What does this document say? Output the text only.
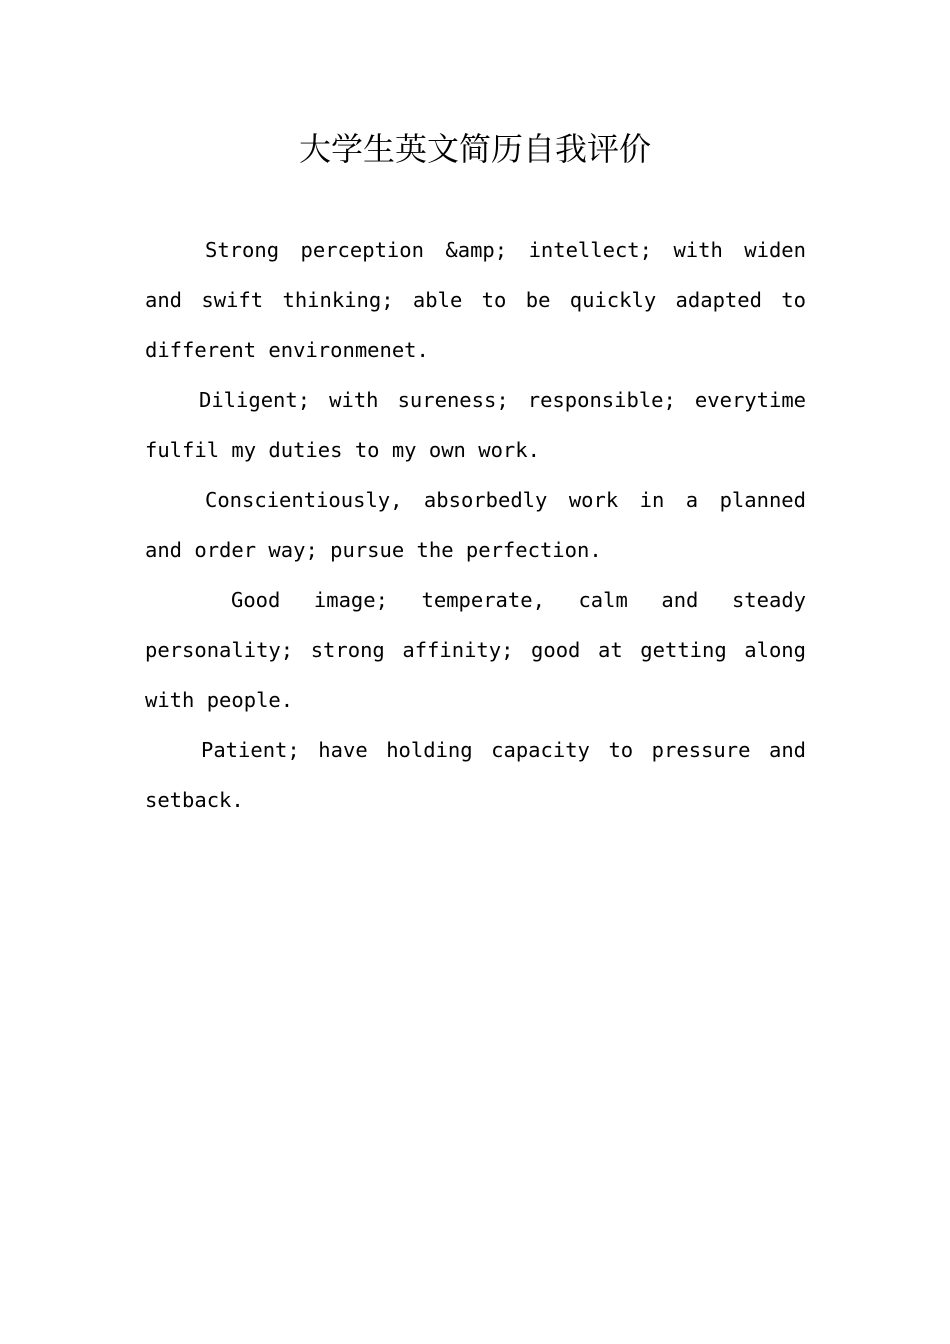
大学生英文简历自我评价

Strong perception &amp; intellect; with widen and swift thinking; able to be quickly adapted to different environmenet.

Diligent; with sureness; responsible; everytime fulfil my duties to my own work.

Conscientiously, absorbedly work in a planned and order way; pursue the perfection.

Good image; temperate, calm and steady personality; strong affinity; good at getting along with people.

Patient; have holding capacity to pressure and setback.
